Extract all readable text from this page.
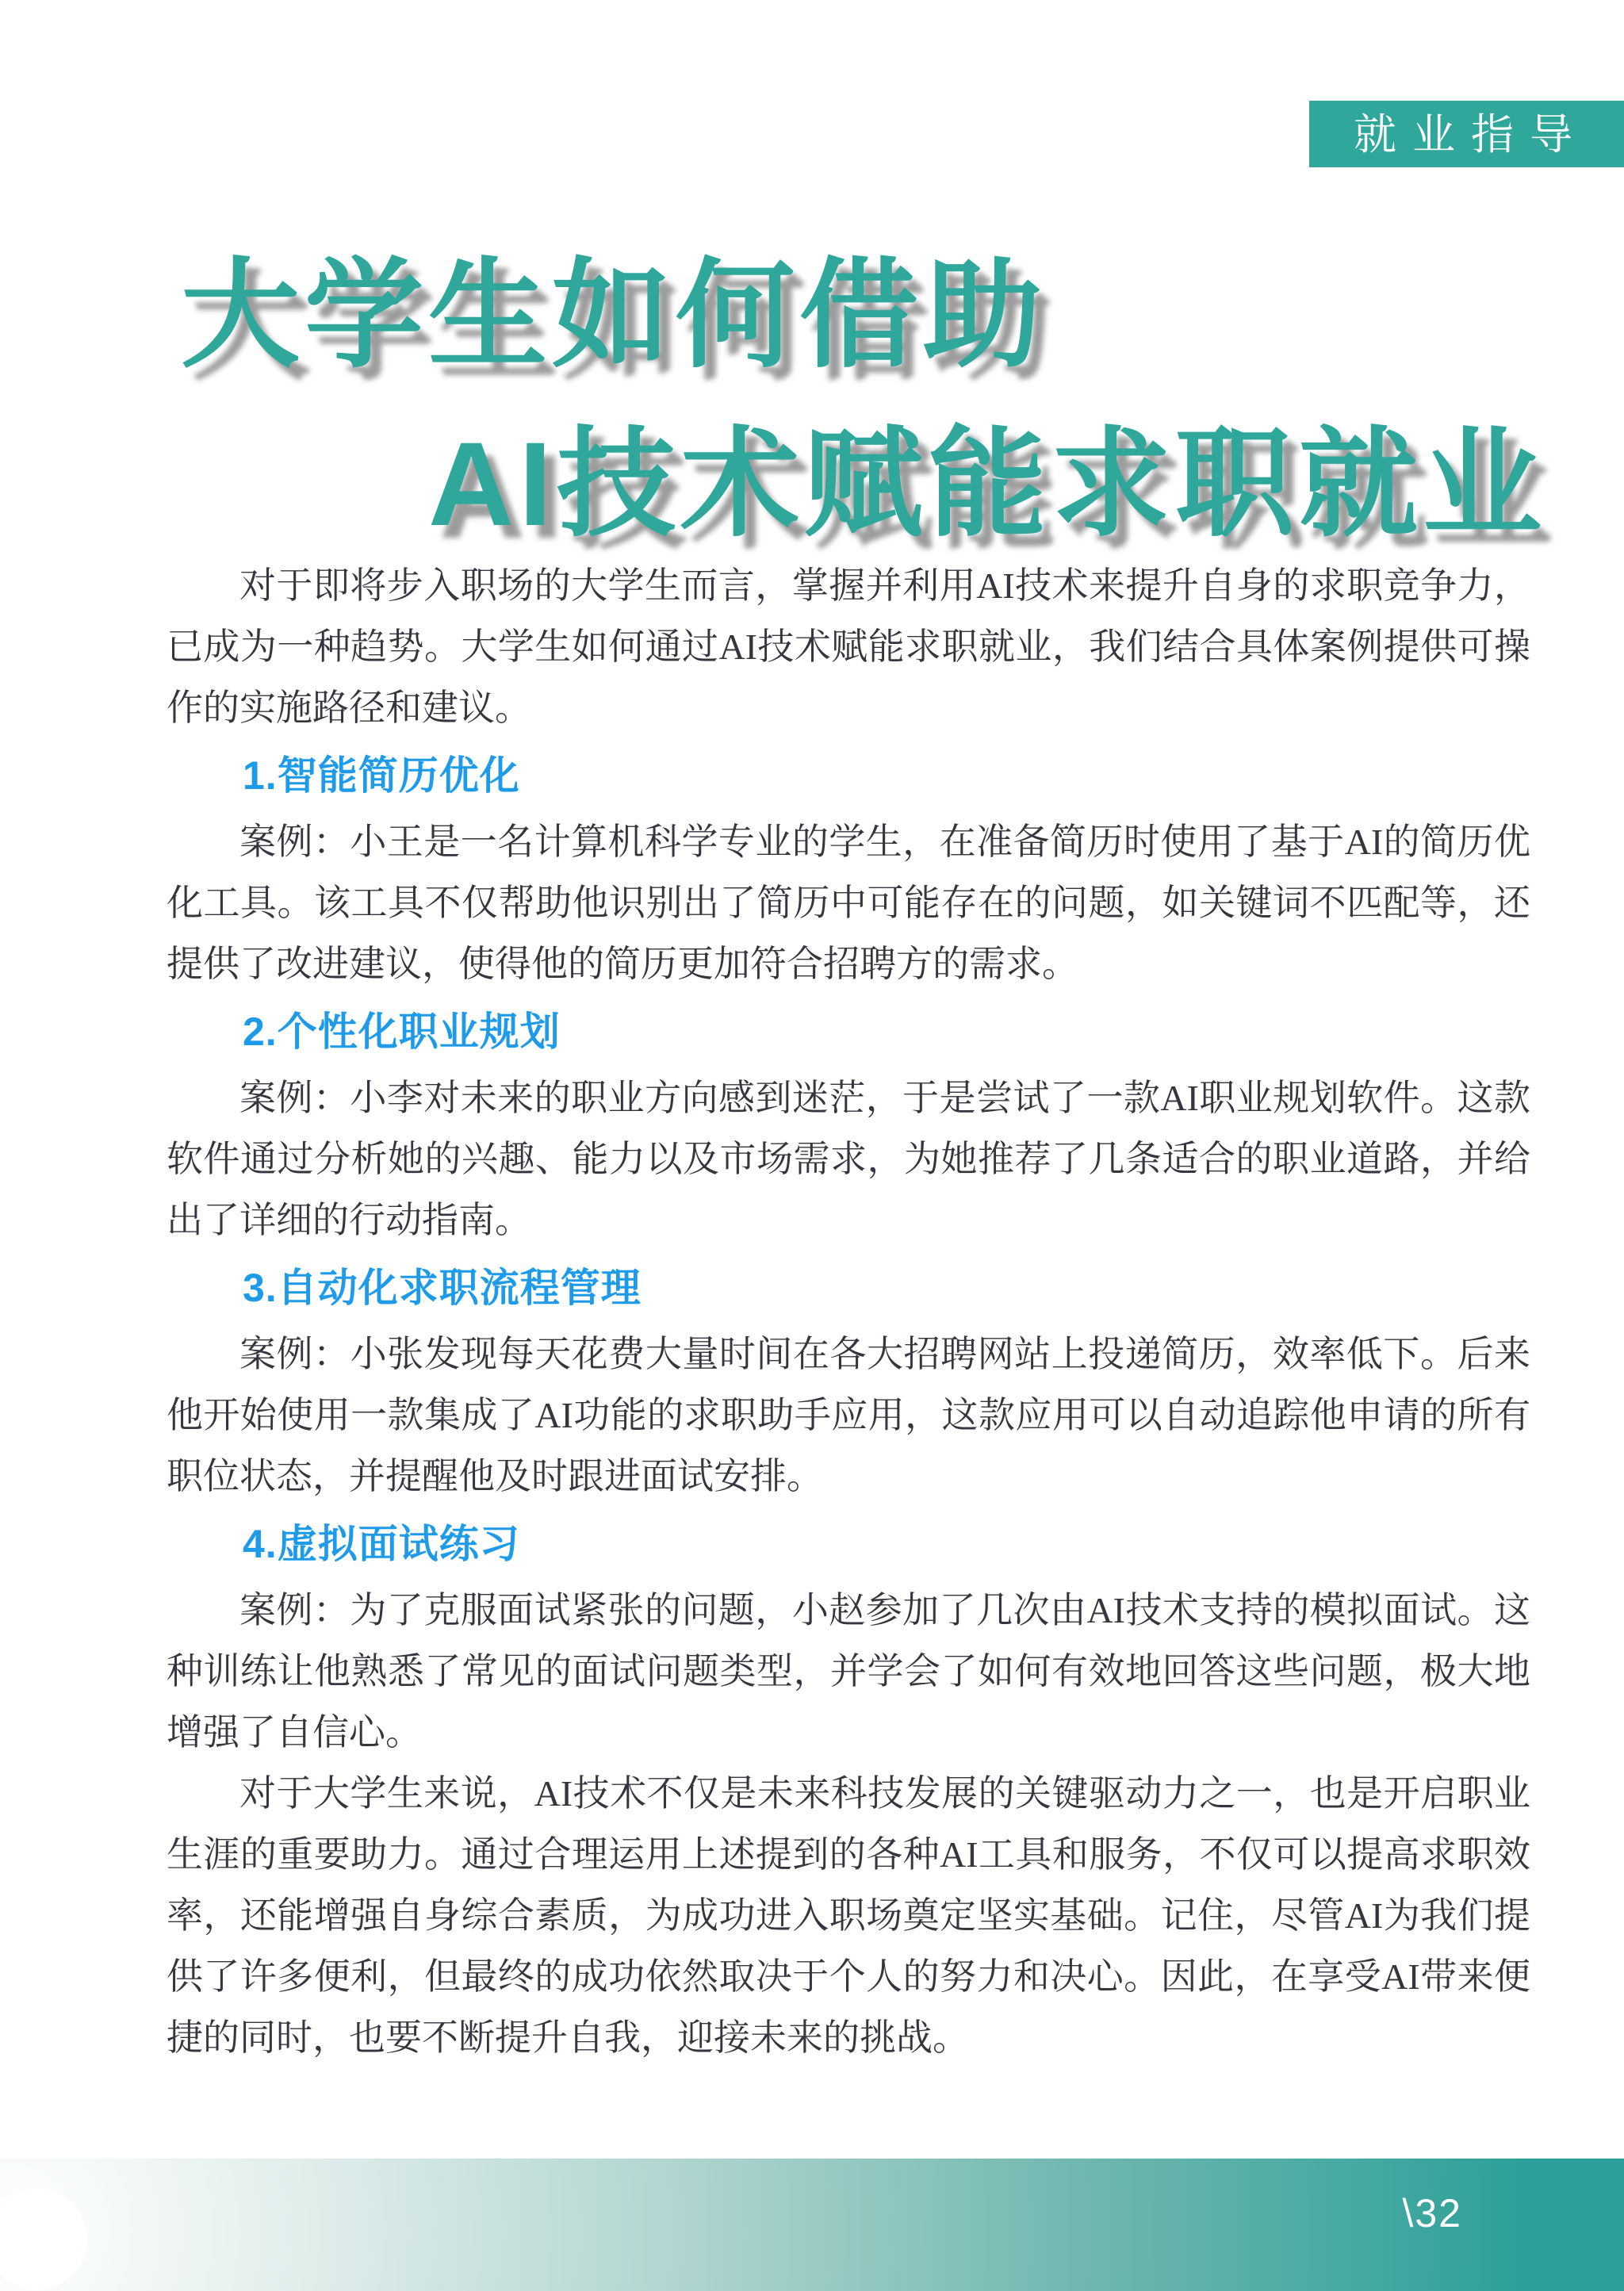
就业指导
大学生如何借助
AI技术赋能求职就业

对于即将步入职场的大学生而言，掌握并利用AI技术来提升自身的求职竞争力，已成为一种趋势。大学生如何通过AI技术赋能求职就业，我们结合具体案例提供可操作的实施路径和建议。

1.智能简历优化

案例：小王是一名计算机科学专业的学生，在准备简历时使用了基于AI的简历优化工具。该工具不仅帮助他识别出了简历中可能存在的问题，如关键词不匹配等，还提供了改进建议，使得他的简历更加符合招聘方的需求。

2.个性化职业规划

案例：小李对未来的职业方向感到迷茫，于是尝试了一款AI职业规划软件。这款软件通过分析她的兴趣、能力以及市场需求，为她推荐了几条适合的职业道路，并给出了详细的行动指南。

3.自动化求职流程管理

案例：小张发现每天花费大量时间在各大招聘网站上投递简历，效率低下。后来他开始使用一款集成了AI功能的求职助手应用，这款应用可以自动追踪他申请的所有职位状态，并提醒他及时跟进面试安排。

4.虚拟面试练习

案例：为了克服面试紧张的问题，小赵参加了几次由AI技术支持的模拟面试。这种训练让他熟悉了常见的面试问题类型，并学会了如何有效地回答这些问题，极大地增强了自信心。

对于大学生来说，AI技术不仅是未来科技发展的关键驱动力之一，也是开启职业生涯的重要助力。通过合理运用上述提到的各种AI工具和服务，不仅可以提高求职效率，还能增强自身综合素质，为成功进入职场奠定坚实基础。记住，尽管AI为我们提供了许多便利，但最终的成功依然取决于个人的努力和决心。因此，在享受AI带来便捷的同时，也要不断提升自我，迎接未来的挑战。

\32
